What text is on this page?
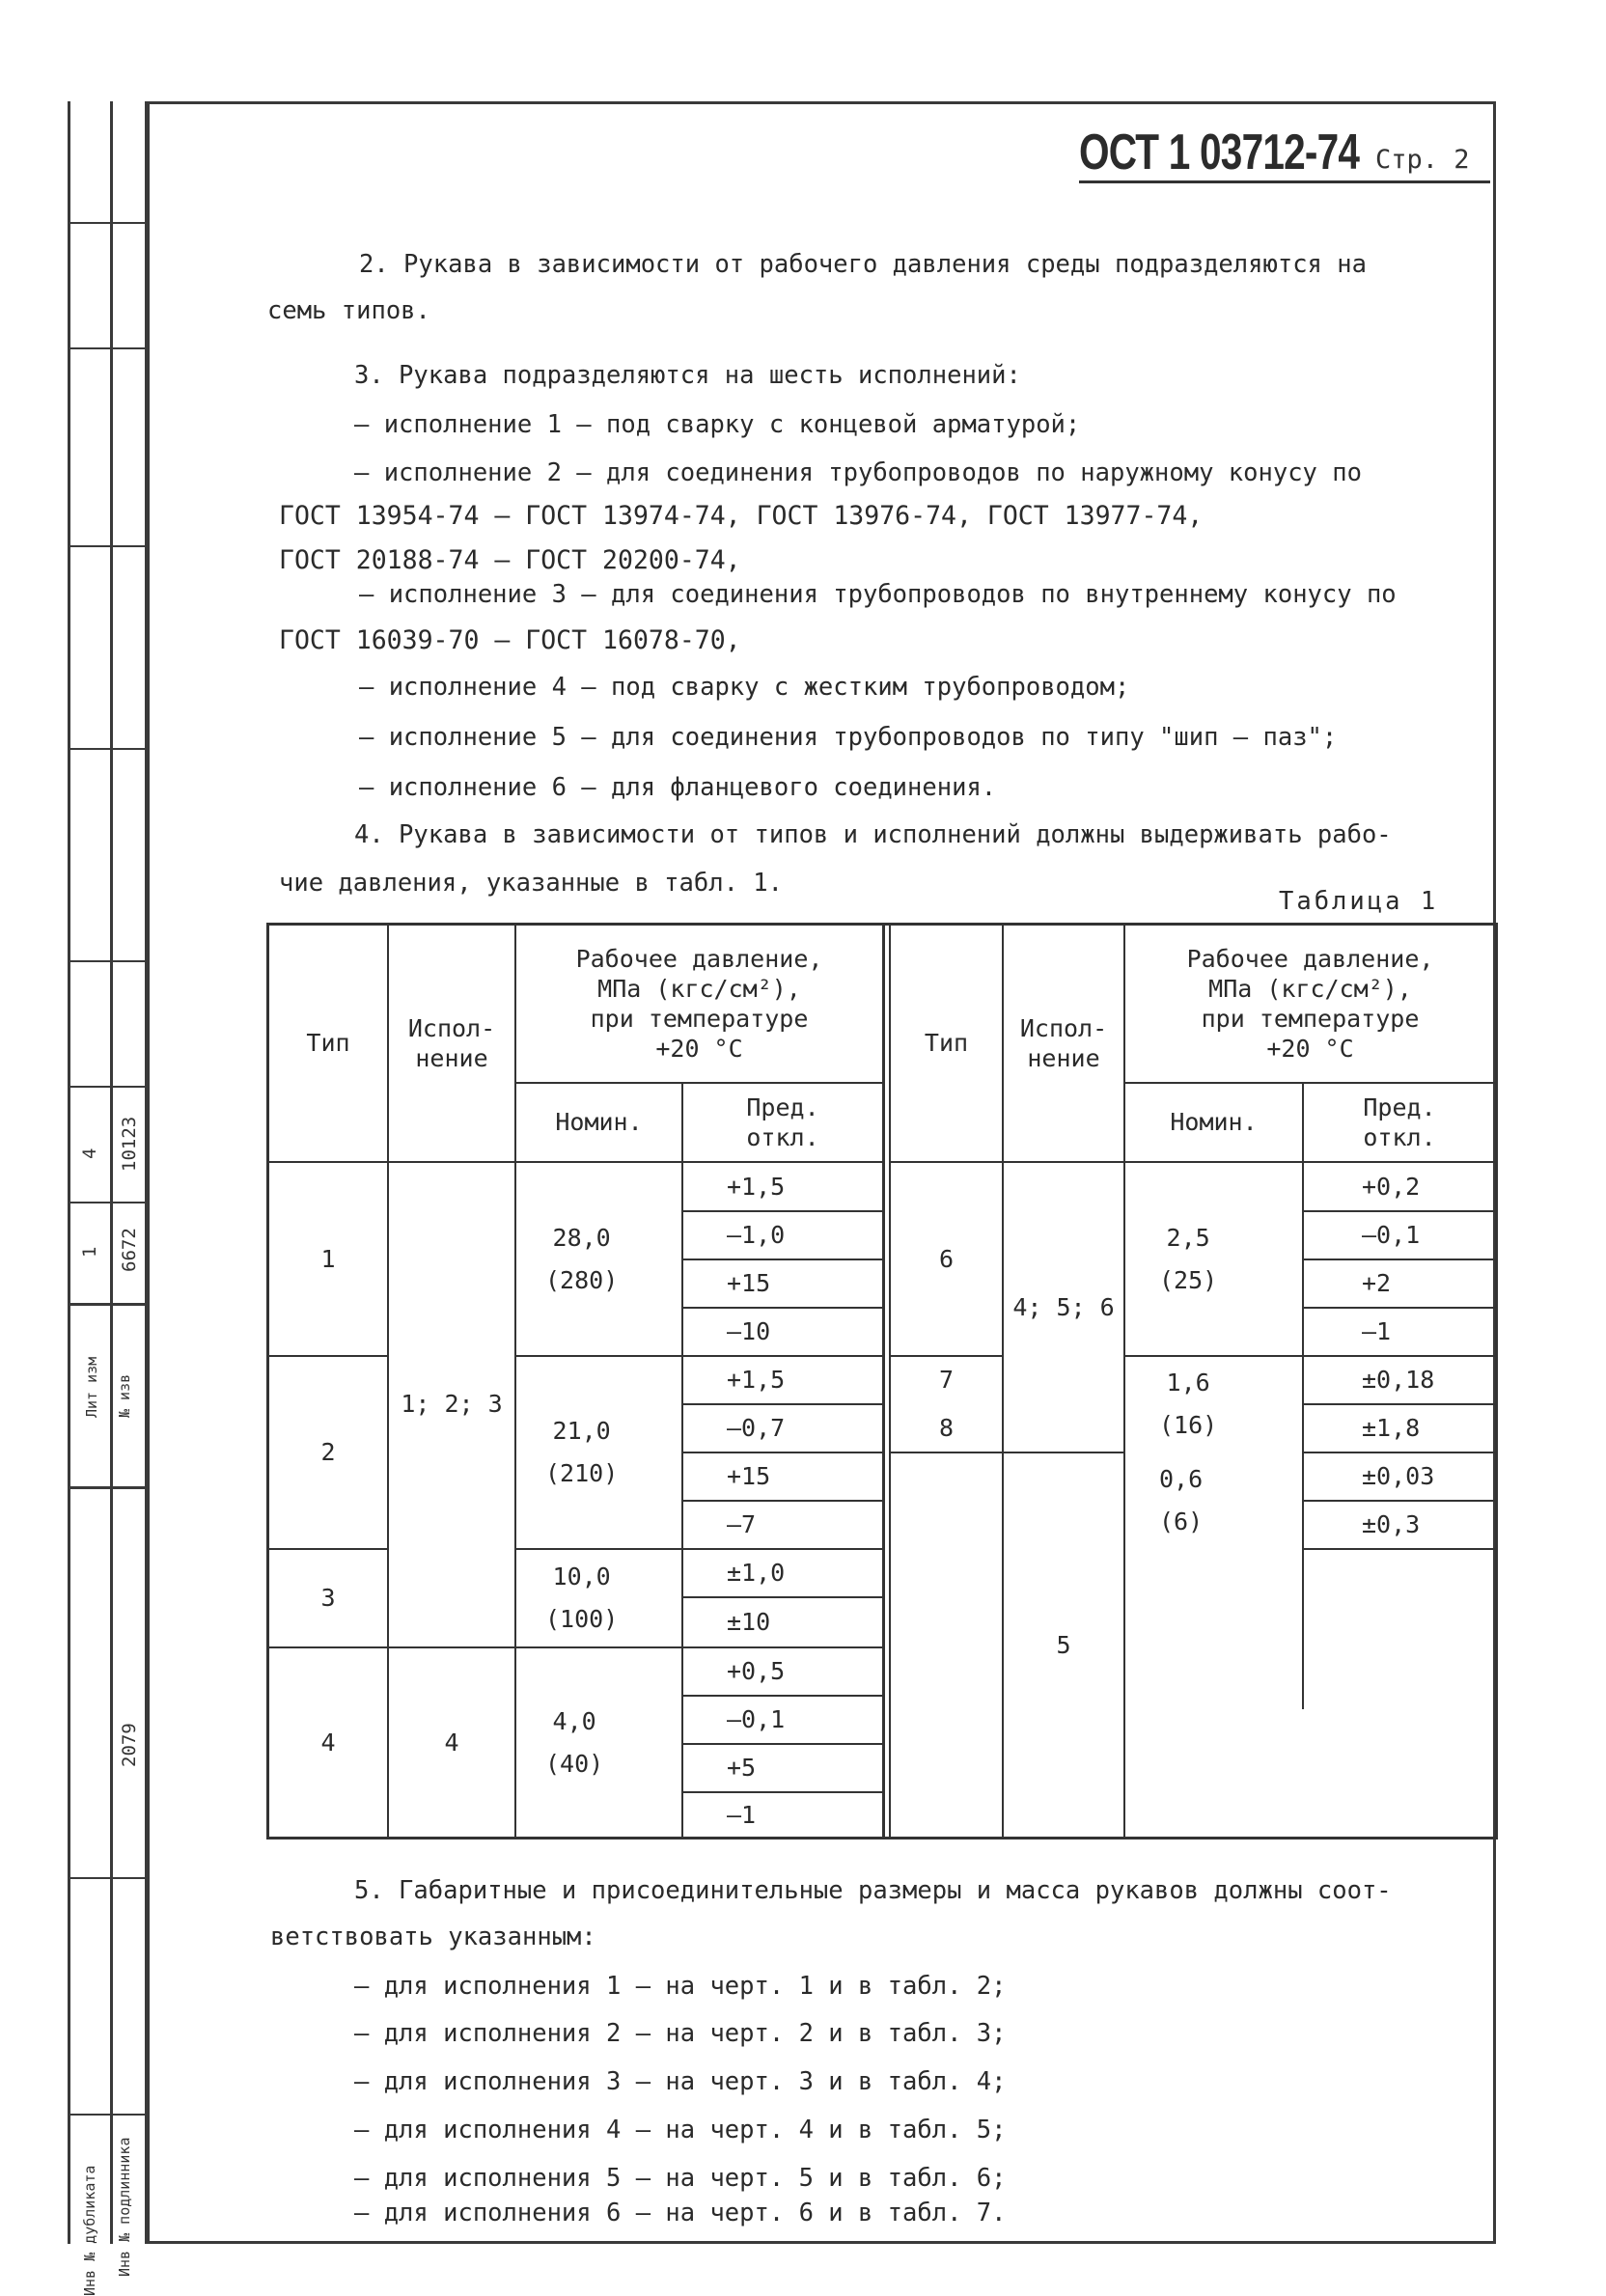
4 10123
1 6672
Лит изм № изв
2079
Инв № дубликата Инв № подлинника
ОСТ 1 03712-74 Стр. 2
2. Рукава в зависимости от рабочего давления среды подразделяются на
семь типов.
3. Рукава подразделяются на шесть исполнений:
– исполнение 1 – под сварку с концевой арматурой;
– исполнение 2 – для соединения трубопроводов по наружному конусу по
ГОСТ 13954-74 – ГОСТ 13974-74, ГОСТ 13976-74, ГОСТ 13977-74,
ГОСТ 20188-74 – ГОСТ 20200-74,
– исполнение 3 – для соединения трубопроводов по внутреннему конусу по
ГОСТ 16039-70 – ГОСТ 16078-70,
– исполнение 4 – под сварку с жестким трубопроводом;
– исполнение 5 – для соединения трубопроводов по типу "шип – паз";
– исполнение 6 – для фланцевого соединения.
4. Рукава в зависимости от типов и исполнений должны выдерживать рабо-
чие давления, указанные в табл. 1.
Таблица 1
Тип
Испол-
нение
Рабочее давление,
МПа (кгс/см²),
при температуре
+20 °С
Номин.
Пред.
откл.
Тип
Испол-
нение
Рабочее давление,
МПа (кгс/см²),
при температуре
+20 °С
Номин.
Пред.
откл.
1
2
3
4
1; 2; 3
4
28,0
(280)
21,0
(210)
10,0
(100)
4,0
(40)
+1,5
–1,0
+15
–10
+1,5
–0,7
+15
–7
±1,0
±10
+0,5
–0,1
+5
–1
6
7
8
4; 5; 6
5
2,5
(25)
1,6
(16)
0,6
(6)
+0,2
–0,1
+2
–1
±0,18
±1,8
±0,03
±0,3
5. Габаритные и присоединительные размеры и масса рукавов должны соот-
ветствовать указанным:
– для исполнения 1 – на черт. 1 и в табл. 2;
– для исполнения 2 – на черт. 2 и в табл. 3;
– для исполнения 3 – на черт. 3 и в табл. 4;
– для исполнения 4 – на черт. 4 и в табл. 5;
– для исполнения 5 – на черт. 5 и в табл. 6;
– для исполнения 6 – на черт. 6 и в табл. 7.
